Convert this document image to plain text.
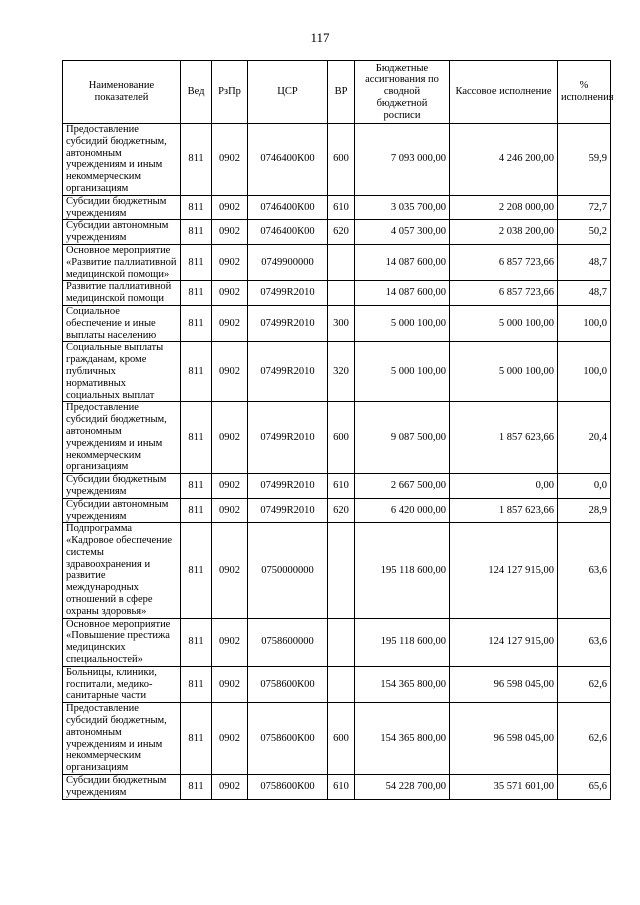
117
Наименование показателей	Вед	РзПр	ЦСР	ВР	Бюджетные ассигнования по сводной бюджетной росписи	Кассовое исполнение	% исполнения
Предоставление субсидий бюджетным, автономным учреждениям и иным некоммерческим организациям	811	0902	0746400К00	600	7 093 000,00	4 246 200,00	59,9
Субсидии бюджетным учреждениям	811	0902	0746400К00	610	3 035 700,00	2 208 000,00	72,7
Субсидии автономным учреждениям	811	0902	0746400К00	620	4 057 300,00	2 038 200,00	50,2
Основное мероприятие «Развитие паллиативной медицинской помощи»	811	0902	0749900000		14 087 600,00	6 857 723,66	48,7
Развитие паллиативной медицинской помощи	811	0902	07499R2010		14 087 600,00	6 857 723,66	48,7
Социальное обеспечение и иные выплаты населению	811	0902	07499R2010	300	5 000 100,00	5 000 100,00	100,0
Социальные выплаты гражданам, кроме публичных нормативных социальных выплат	811	0902	07499R2010	320	5 000 100,00	5 000 100,00	100,0
Предоставление субсидий бюджетным, автономным учреждениям и иным некоммерческим организациям	811	0902	07499R2010	600	9 087 500,00	1 857 623,66	20,4
Субсидии бюджетным учреждениям	811	0902	07499R2010	610	2 667 500,00	0,00	0,0
Субсидии автономным учреждениям	811	0902	07499R2010	620	6 420 000,00	1 857 623,66	28,9
Подпрограмма «Кадровое обеспечение системы здравоохранения и развитие международных отношений в сфере охраны здоровья»	811	0902	0750000000		195 118 600,00	124 127 915,00	63,6
Основное мероприятие «Повышение престижа медицинских специальностей»	811	0902	0758600000		195 118 600,00	124 127 915,00	63,6
Больницы, клиники, госпитали, медико-санитарные части	811	0902	0758600К00		154 365 800,00	96 598 045,00	62,6
Предоставление субсидий бюджетным, автономным учреждениям и иным некоммерческим организациям	811	0902	0758600К00	600	154 365 800,00	96 598 045,00	62,6
Субсидии бюджетным учреждениям	811	0902	0758600К00	610	54 228 700,00	35 571 601,00	65,6
